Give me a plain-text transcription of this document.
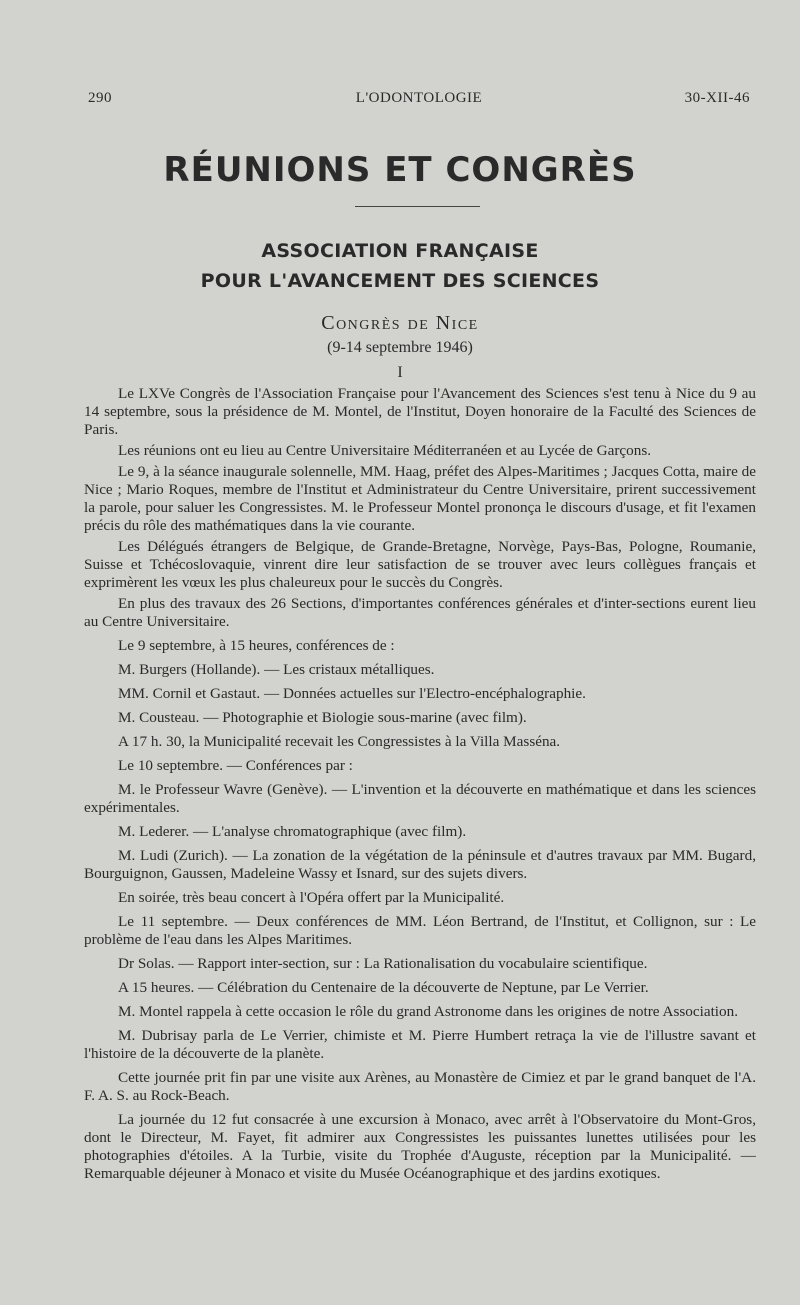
290	L'ODONTOLOGIE	30-XII-46
RÉUNIONS ET CONGRÈS
ASSOCIATION FRANÇAISE
POUR L'AVANCEMENT DES SCIENCES
Congrès de Nice
(9-14 septembre 1946)
I

Le LXVe Congrès de l'Association Française pour l'Avancement des Sciences s'est tenu à Nice du 9 au 14 septembre, sous la présidence de M. Montel, de l'Institut, Doyen honoraire de la Faculté des Sciences de Paris.

Les réunions ont eu lieu au Centre Universitaire Méditerranéen et au Lycée de Garçons.

Le 9, à la séance inaugurale solennelle, MM. Haag, préfet des Alpes-Maritimes ; Jacques Cotta, maire de Nice ; Mario Roques, membre de l'Institut et Administrateur du Centre Universitaire, prirent successivement la parole, pour saluer les Congressistes. M. le Professeur Montel prononça le discours d'usage, et fit l'examen précis du rôle des mathématiques dans la vie courante.

Les Délégués étrangers de Belgique, de Grande-Bretagne, Norvège, Pays-Bas, Pologne, Roumanie, Suisse et Tchécoslovaquie, vinrent dire leur satisfaction de se trouver avec leurs collègues français et exprimèrent les vœux les plus chaleureux pour le succès du Congrès.

En plus des travaux des 26 Sections, d'importantes conférences générales et d'inter-sections eurent lieu au Centre Universitaire.

Le 9 septembre, à 15 heures, conférences de :

M. Burgers (Hollande). — Les cristaux métalliques.

MM. Cornil et Gastaut. — Données actuelles sur l'Electro-encéphalographie.

M. Cousteau. — Photographie et Biologie sous-marine (avec film).

A 17 h. 30, la Municipalité recevait les Congressistes à la Villa Masséna.

Le 10 septembre. — Conférences par :

M. le Professeur Wavre (Genève). — L'invention et la découverte en mathématique et dans les sciences expérimentales.

M. Lederer. — L'analyse chromatographique (avec film).

M. Ludi (Zurich). — La zonation de la végétation de la péninsule et d'autres travaux par MM. Bugard, Bourguignon, Gaussen, Madeleine Wassy et Isnard, sur des sujets divers.

En soirée, très beau concert à l'Opéra offert par la Municipalité.

Le 11 septembre. — Deux conférences de MM. Léon Bertrand, de l'Institut, et Collignon, sur : Le problème de l'eau dans les Alpes Maritimes.

Dr Solas. — Rapport inter-section, sur : La Rationalisation du vocabulaire scientifique.

A 15 heures. — Célébration du Centenaire de la découverte de Neptune, par Le Verrier.

M. Montel rappela à cette occasion le rôle du grand Astronome dans les origines de notre Association.

M. Dubrisay parla de Le Verrier, chimiste et M. Pierre Humbert retraça la vie de l'illustre savant et l'histoire de la découverte de la planète.

Cette journée prit fin par une visite aux Arènes, au Monastère de Cimiez et par le grand banquet de l'A. F. A. S. au Rock-Beach.

La journée du 12 fut consacrée à une excursion à Monaco, avec arrêt à l'Observatoire du Mont-Gros, dont le Directeur, M. Fayet, fit admirer aux Congressistes les puissantes lunettes utilisées pour les photographies d'étoiles. A la Turbie, visite du Trophée d'Auguste, réception par la Municipalité. — Remarquable déjeuner à Monaco et visite du Musée Océanographique et des jardins exotiques.
